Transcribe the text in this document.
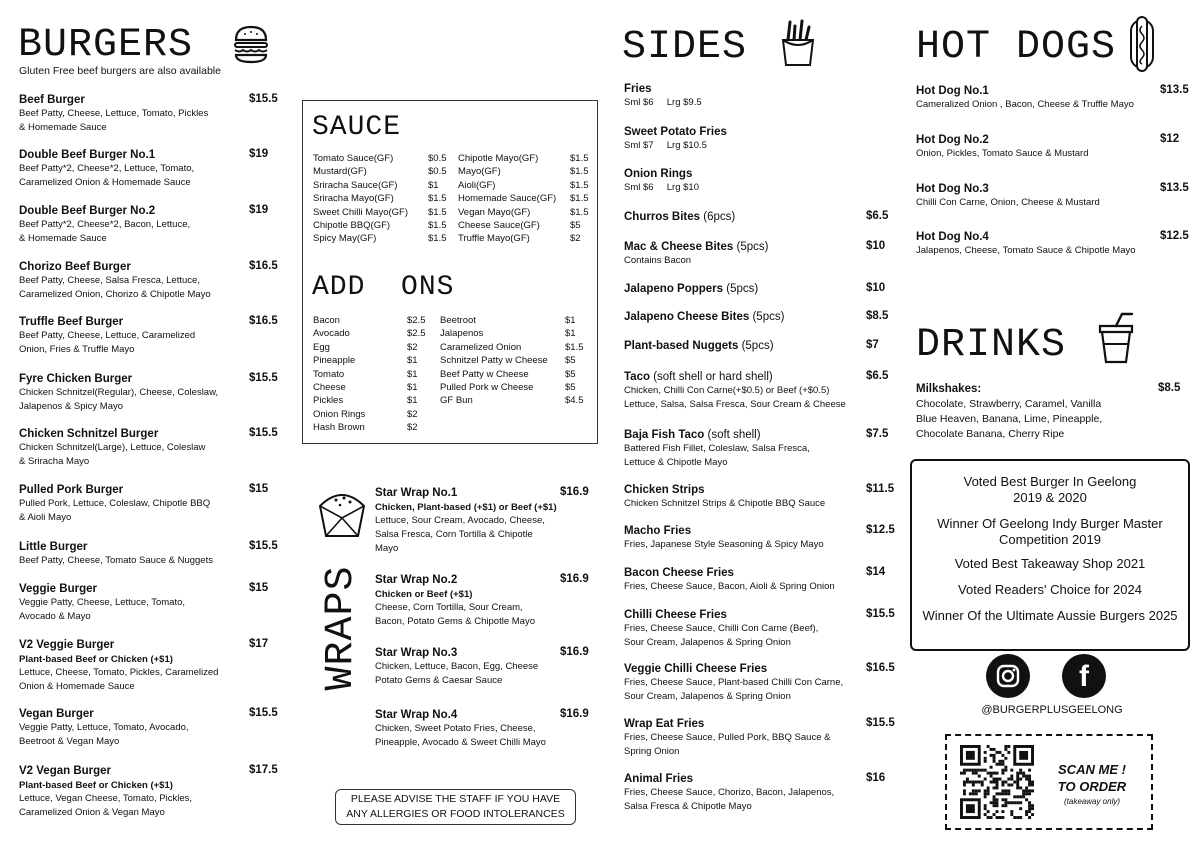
BURGERS
Gluten Free beef burgers are also available
Beef Burger	$15.5
Beef Patty, Cheese, Lettuce, Tomato, Pickles
& Homemade Sauce
Double Beef Burger No.1	$19
Beef Patty*2, Cheese*2, Lettuce, Tomato,
Caramelized Onion & Homemade Sauce
Double Beef Burger No.2	$19
Beef Patty*2, Cheese*2, Bacon, Lettuce,
& Homemade Sauce
Chorizo Beef Burger	$16.5
Beef Patty, Cheese, Salsa Fresca, Lettuce,
Caramelized Onion, Chorizo & Chipotle Mayo
Truffle Beef Burger	$16.5
Beef Patty, Cheese, Lettuce, Caramelized
Onion, Fries & Truffle Mayo
Fyre Chicken Burger	$15.5
Chicken Schnitzel(Regular), Cheese, Coleslaw,
Jalapenos & Spicy Mayo
Chicken Schnitzel Burger	$15.5
Chicken Schnitzel(Large), Lettuce, Coleslaw
& Sriracha Mayo
Pulled Pork Burger	$15
Pulled Pork, Lettuce, Coleslaw, Chipotle BBQ
& Aioli Mayo
Little Burger	$15.5
Beef Patty, Cheese, Tomato Sauce & Nuggets
Veggie Burger	$15
Veggie Patty, Cheese, Lettuce, Tomato,
Avocado & Mayo
V2 Veggie Burger	$17
Plant-based Beef or Chicken (+$1)
Lettuce, Cheese, Tomato, Pickles, Caramelized
Onion & Homemade Sauce
Vegan Burger	$15.5
Veggie Patty, Lettuce, Tomato, Avocado,
Beetroot & Vegan Mayo
V2 Vegan Burger	$17.5
Plant-based Beef or Chicken (+$1)
Lettuce, Vegan Cheese, Tomato, Pickles,
Caramelized Onion & Vegan Mayo
SAUCE
Tomato Sauce(GF)	$0.5
Mustard(GF)	$0.5
Sriracha Sauce(GF)	$1
Sriracha Mayo(GF)	$1.5
Sweet Chilli Mayo(GF)	$1.5
Chipotle BBQ(GF)	$1.5
Spicy May(GF)	$1.5
Chipotle Mayo(GF)	$1.5
Mayo(GF)	$1.5
Aioli(GF)	$1.5
Homemade Sauce(GF)	$1.5
Vegan Mayo(GF)	$1.5
Cheese Sauce(GF)	$5
Truffle Mayo(GF)	$2
ADD  ONS
Bacon	$2.5
Avocado	$2.5
Egg	$2
Pineapple	$1
Tomato	$1
Cheese	$1
Pickles	$1
Onion Rings	$2
Hash Brown	$2
Beetroot	$1
Jalapenos	$1
Caramelized Onion	$1.5
Schnitzel Patty w Cheese	$5
Beef Patty w Cheese	$5
Pulled Pork w Cheese	$5
GF Bun	$4.5
WRAPS
Star Wrap No.1	$16.9
Chicken, Plant-based (+$1) or Beef (+$1)
Lettuce, Sour Cream, Avocado, Cheese,
Salsa Fresca, Corn Tortilla & Chipotle
Mayo
Star Wrap No.2	$16.9
Chicken or Beef (+$1)
Cheese, Corn Tortilla, Sour Cream,
Bacon, Potato Gems & Chipotle Mayo
Star Wrap No.3	$16.9
Chicken, Lettuce, Bacon, Egg, Cheese
Potato Gems & Caesar Sauce
Star Wrap No.4	$16.9
Chicken, Sweet Potato Fries, Cheese,
Pineapple, Avocado & Sweet Chilli Mayo
PLEASE ADVISE THE STAFF IF YOU HAVE
ANY ALLERGIES OR FOOD INTOLERANCES
SIDES
Fries
Sml $6     Lrg $9.5
Sweet Potato Fries
Sml $7     Lrg $10.5
Onion Rings
Sml $6     Lrg $10
Churros Bites (6pcs)	$6.5
Mac & Cheese Bites (5pcs)	$10
Contains Bacon
Jalapeno Poppers (5pcs)	$10
Jalapeno Cheese Bites (5pcs)	$8.5
Plant-based Nuggets (5pcs)	$7
Taco (soft shell or hard shell)	$6.5
Chicken, Chilli Con Carne(+$0.5) or Beef (+$0.5)
Lettuce, Salsa, Salsa Fresca, Sour Cream & Cheese
Baja Fish Taco (soft shell)	$7.5
Battered Fish Fillet, Coleslaw, Salsa Fresca,
Lettuce & Chipotle Mayo
Chicken Strips	$11.5
Chicken Schnitzel Strips & Chipotle BBQ Sauce
Macho Fries	$12.5
Fries, Japanese Style Seasoning & Spicy Mayo
Bacon Cheese Fries	$14
Fries, Cheese Sauce, Bacon, Aioli & Spring Onion
Chilli Cheese Fries	$15.5
Fries, Cheese Sauce, Chilli Con Carne (Beef),
Sour Cream, Jalapenos & Spring Onion
Veggie Chilli Cheese Fries	$16.5
Fries, Cheese Sauce, Plant-based Chilli Con Carne,
Sour Cream, Jalapenos & Spring Onion
Wrap Eat Fries	$15.5
Fries, Cheese Sauce, Pulled Pork, BBQ Sauce &
Spring Onion
Animal Fries	$16
Fries, Cheese Sauce, Chorizo, Bacon, Jalapenos,
Salsa Fresca & Chipotle Mayo
HOT DOGS
Hot Dog No.1	$13.5
Cameralized Onion , Bacon, Cheese & Truffle Mayo
Hot Dog No.2	$12
Onion, Pickles, Tomato Sauce & Mustard
Hot Dog No.3	$13.5
Chilli Con Carne, Onion, Cheese & Mustard
Hot Dog No.4	$12.5
Jalapenos, Cheese, Tomato Sauce & Chipotle Mayo
DRINKS
Milkshakes:	$8.5
Chocolate, Strawberry, Caramel, Vanilla
Blue Heaven, Banana, Lime, Pineapple,
Chocolate Banana, Cherry Ripe
Voted Best Burger In Geelong
2019 & 2020
Winner Of Geelong Indy Burger Master
Competition 2019
Voted Best Takeaway Shop 2021
Voted Readers' Choice for 2024
Winner Of the Ultimate Aussie Burgers 2025
f
@BURGERPLUSGEELONG
SCAN ME !
TO ORDER
(takeaway only)
